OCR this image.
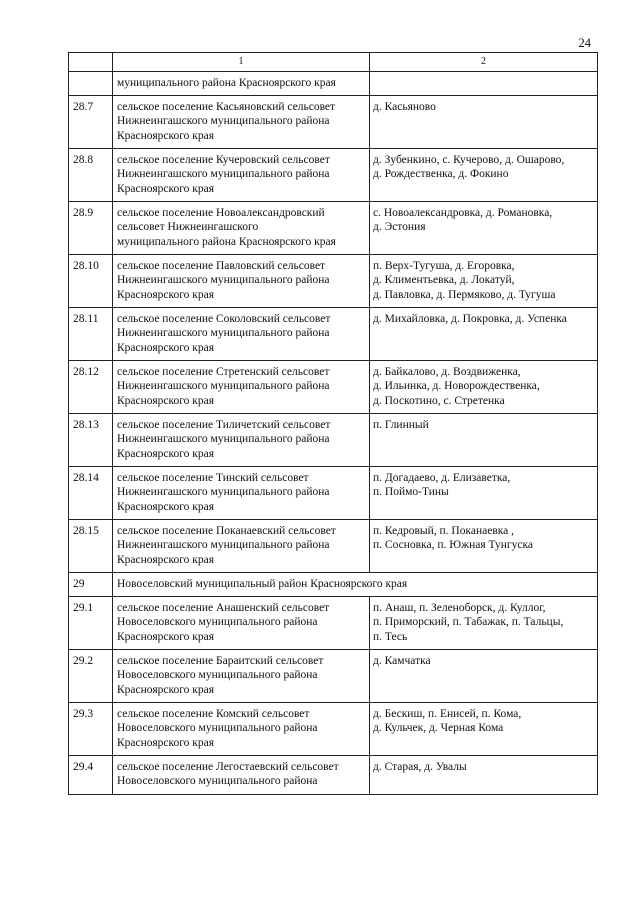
24
	1	2
	муниципального района Красноярского края	
28.7	сельское поселение Касьяновский сельсовет
Нижнеингашского муниципального района
Красноярского края	д. Касьяново

28.8	сельское поселение Кучеровский сельсовет
Нижнеингашского муниципального района
Красноярского края	д. Зубенкино, с. Кучерово, д. Ошарово,
д. Рождественка, д. Фокино

28.9	сельское поселение Новоалександровский
сельсовет Нижнеингашского
муниципального района Красноярского края	с. Новоалександровка, д. Романовка,
д. Эстония

28.10	сельское поселение Павловский сельсовет
Нижнеингашского муниципального района
Красноярского края	п. Верх-Тугуша, д. Егоровка,
д. Климентьевка, д. Локатуй,
д. Павловка, д. Пермяково, д. Тугуша

28.11	сельское поселение Соколовский сельсовет
Нижнеингашского муниципального района
Красноярского края	д. Михайловка, д. Покровка, д. Успенка

28.12	сельское поселение Стретенский сельсовет
Нижнеингашского муниципального района
Красноярского края	д. Байкалово, д. Воздвиженка,
д. Ильинка, д. Новорождественка,
д. Поскотино, с. Стретенка

28.13	сельское поселение Тиличетский сельсовет
Нижнеингашского муниципального района
Красноярского края	п. Глинный

28.14	сельское поселение Тинский сельсовет
Нижнеингашского муниципального района
Красноярского края	п. Догадаево, д. Елизаветка,
п. Поймо-Тины

28.15	сельское поселение Поканаевский сельсовет
Нижнеингашского муниципального района
Красноярского края	п. Кедровый, п. Поканаевка ,
п. Сосновка, п. Южная Тунгуска

29	Новоселовский муниципальный район Красноярского края	
29.1	сельское поселение Анашенский сельсовет
Новоселовского муниципального района
Красноярского края	п. Анаш, п. Зеленоборск, д. Куллог,
п. Приморский, п. Табажак, п. Тальцы,
п. Тесь

29.2	сельское поселение Бараитский сельсовет
Новоселовского муниципального района
Красноярского края	д. Камчатка

29.3	сельское поселение Комский сельсовет
Новоселовского муниципального района
Красноярского края	д. Бескиш, п. Енисей, п. Кома,
д. Кульчек, д. Черная Кома

29.4	сельское поселение Легостаевский сельсовет
Новоселовского муниципального района	д. Старая, д. Увалы
